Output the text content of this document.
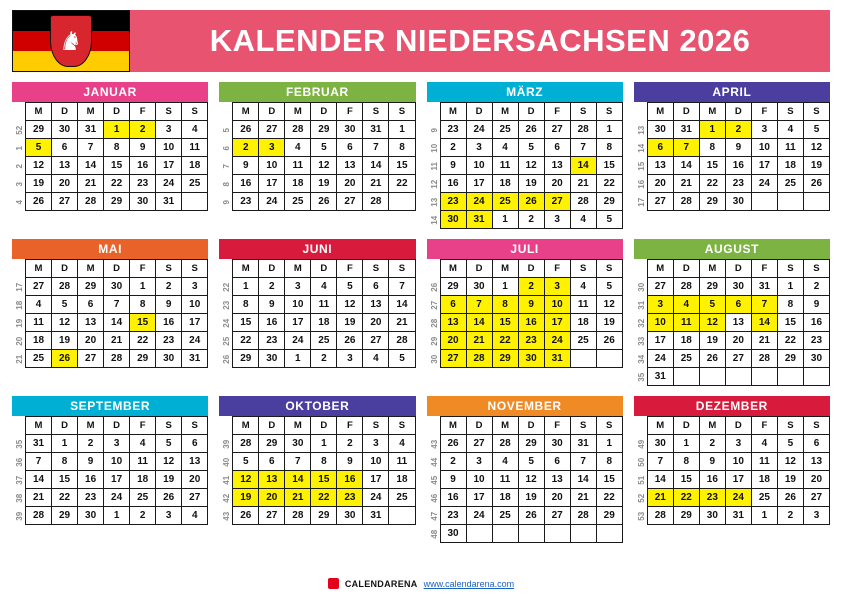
♞	KALENDER NIEDERSACHSEN 2026
JANUAR
	M	D	M	D	F	S	S
52	29	30	31	1	2	3	4
1	5	6	7	8	9	10	11
2	12	13	14	15	16	17	18
3	19	20	21	22	23	24	25
4	26	27	28	29	30	31	
FEBRUAR
	M	D	M	D	F	S	S
5	26	27	28	29	30	31	1
6	2	3	4	5	6	7	8
7	9	10	11	12	13	14	15
8	16	17	18	19	20	21	22
9	23	24	25	26	27	28	
MÄRZ
	M	D	M	D	F	S	S
9	23	24	25	26	27	28	1
10	2	3	4	5	6	7	8
11	9	10	11	12	13	14	15
12	16	17	18	19	20	21	22
13	23	24	25	26	27	28	29
14	30	31	1	2	3	4	5
APRIL
	M	D	M	D	F	S	S
13	30	31	1	2	3	4	5
14	6	7	8	9	10	11	12
15	13	14	15	16	17	18	19
16	20	21	22	23	24	25	26
17	27	28	29	30			
MAI
	M	D	M	D	F	S	S
17	27	28	29	30	1	2	3
18	4	5	6	7	8	9	10
19	11	12	13	14	15	16	17
20	18	19	20	21	22	23	24
21	25	26	27	28	29	30	31
JUNI
	M	D	M	D	F	S	S
22	1	2	3	4	5	6	7
23	8	9	10	11	12	13	14
24	15	16	17	18	19	20	21
25	22	23	24	25	26	27	28
26	29	30	1	2	3	4	5
JULI
	M	D	M	D	F	S	S
26	29	30	1	2	3	4	5
27	6	7	8	9	10	11	12
28	13	14	15	16	17	18	19
29	20	21	22	23	24	25	26
30	27	28	29	30	31		
AUGUST
	M	D	M	D	F	S	S
30	27	28	29	30	31	1	2
31	3	4	5	6	7	8	9
32	10	11	12	13	14	15	16
33	17	18	19	20	21	22	23
34	24	25	26	27	28	29	30
35	31						
SEPTEMBER
	M	D	M	D	F	S	S
35	31	1	2	3	4	5	6
36	7	8	9	10	11	12	13
37	14	15	16	17	18	19	20
38	21	22	23	24	25	26	27
39	28	29	30	1	2	3	4
OKTOBER
	M	D	M	D	F	S	S
39	28	29	30	1	2	3	4
40	5	6	7	8	9	10	11
41	12	13	14	15	16	17	18
42	19	20	21	22	23	24	25
43	26	27	28	29	30	31	
NOVEMBER
	M	D	M	D	F	S	S
43	26	27	28	29	30	31	1
44	2	3	4	5	6	7	8
45	9	10	11	12	13	14	15
46	16	17	18	19	20	21	22
47	23	24	25	26	27	28	29
48	30						
DEZEMBER
	M	D	M	D	F	S	S
49	30	1	2	3	4	5	6
50	7	8	9	10	11	12	13
51	14	15	16	17	18	19	20
52	21	22	23	24	25	26	27
53	28	29	30	31	1	2	3
CALENDARENA www.calendarena.com
